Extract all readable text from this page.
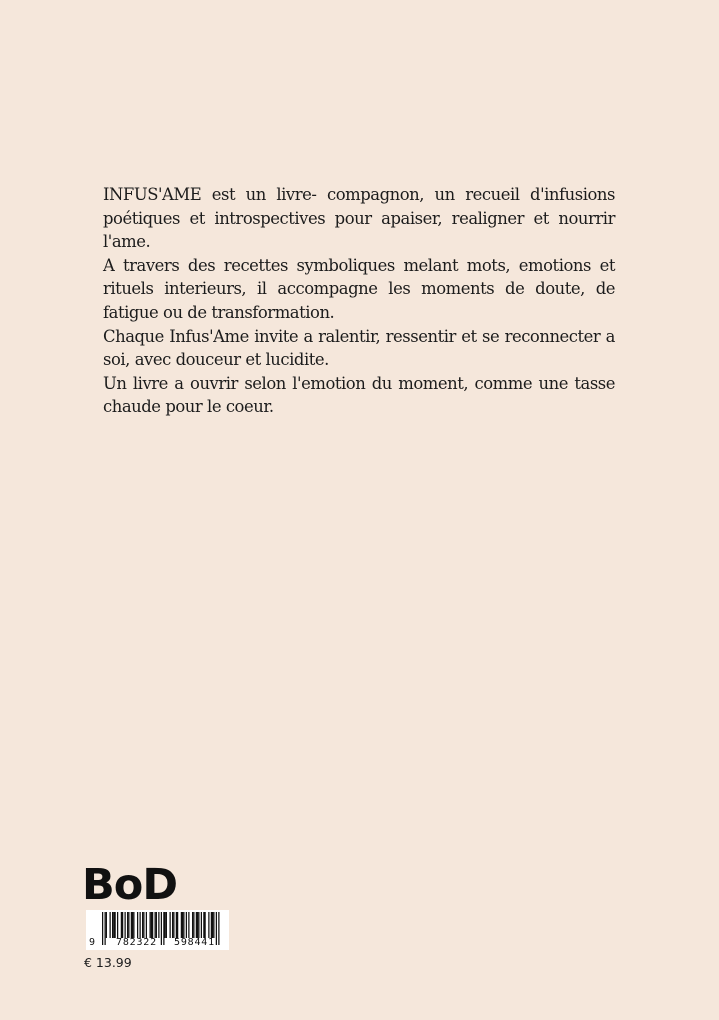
INFUS'AME est un livre- compagnon, un recueil d'infusions poétiques et introspectives pour apaiser, realigner et nourrir l'ame.

A travers des recettes symboliques melant mots, emotions et rituels interieurs, il accompagne les moments de doute, de fatigue ou de transformation.

Chaque Infus'Ame invite a ralentir, ressentir et se reconnecter a soi, avec douceur et lucidite.

Un livre a ouvrir selon l'emotion du moment, comme une tasse chaude pour le coeur.

BoD
9 782322 598441
€ 13.99
